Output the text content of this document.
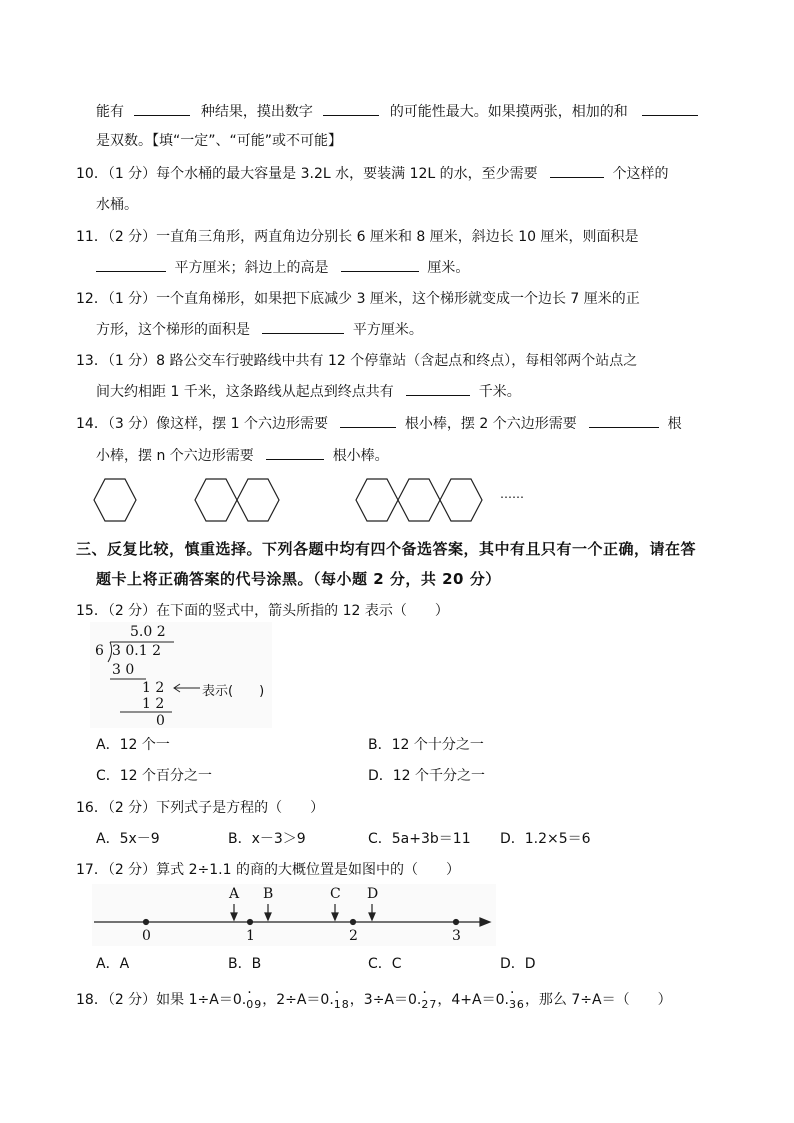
能有	种结果，摸出数字	的可能性最大。如果摸两张，相加的和
是双数。【填“一定”、“可能”或不可能】
10．（1 分）每个水桶的最大容量是 3.2L 水，要装满 12L 的水，至少需要	个这样的
水桶。
11．（2 分）一直角三角形，两直角边分别长 6 厘米和 8 厘米，斜边长 10 厘米，则面积是
平方厘米；斜边上的高是	厘米。
12．（1 分）一个直角梯形，如果把下底减少 3 厘米，这个梯形就变成一个边长 7 厘米的正
方形，这个梯形的面积是	平方厘米。
13．（1 分）8 路公交车行驶路线中共有 12 个停靠站（含起点和终点），每相邻两个站点之
间大约相距 1 千米，这条路线从起点到终点共有	千米。
14．（3 分）像这样，摆 1 个六边形需要	根小棒，摆 2 个六边形需要	根
小棒，摆 n 个六边形需要	根小棒。
……
三、反复比较，慎重选择。下列各题中均有四个备选答案，其中有且只有一个正确，请在答
题卡上将正确答案的代号涂黑。（每小题 2 分，共 20 分）
15．（2 分）在下面的竖式中，箭头所指的 12 表示（　　）
5.0 2
6 3 0.1 2
3 0
1 2
1 2
0
表示(　　)
A．12 个一	B．12 个十分之一
C．12 个百分之一	D．12 个千分之一
16．（2 分）下列式子是方程的（　　）
A．5x－9	B．x－3＞9	C．5a+3b＝11 D．1.2×5＝6
17．（2 分）算式 2÷1.1 的商的大概位置是如图中的（　　）
A B	C D
0	1	2	3
A．A	B．B	C．C	D．D
18．（2 分）如果 1÷A＝0.· 09，2÷A＝0.· 18，3÷A＝0.· 27，4+A＝0.· 36，那么 7÷A＝（　　）
